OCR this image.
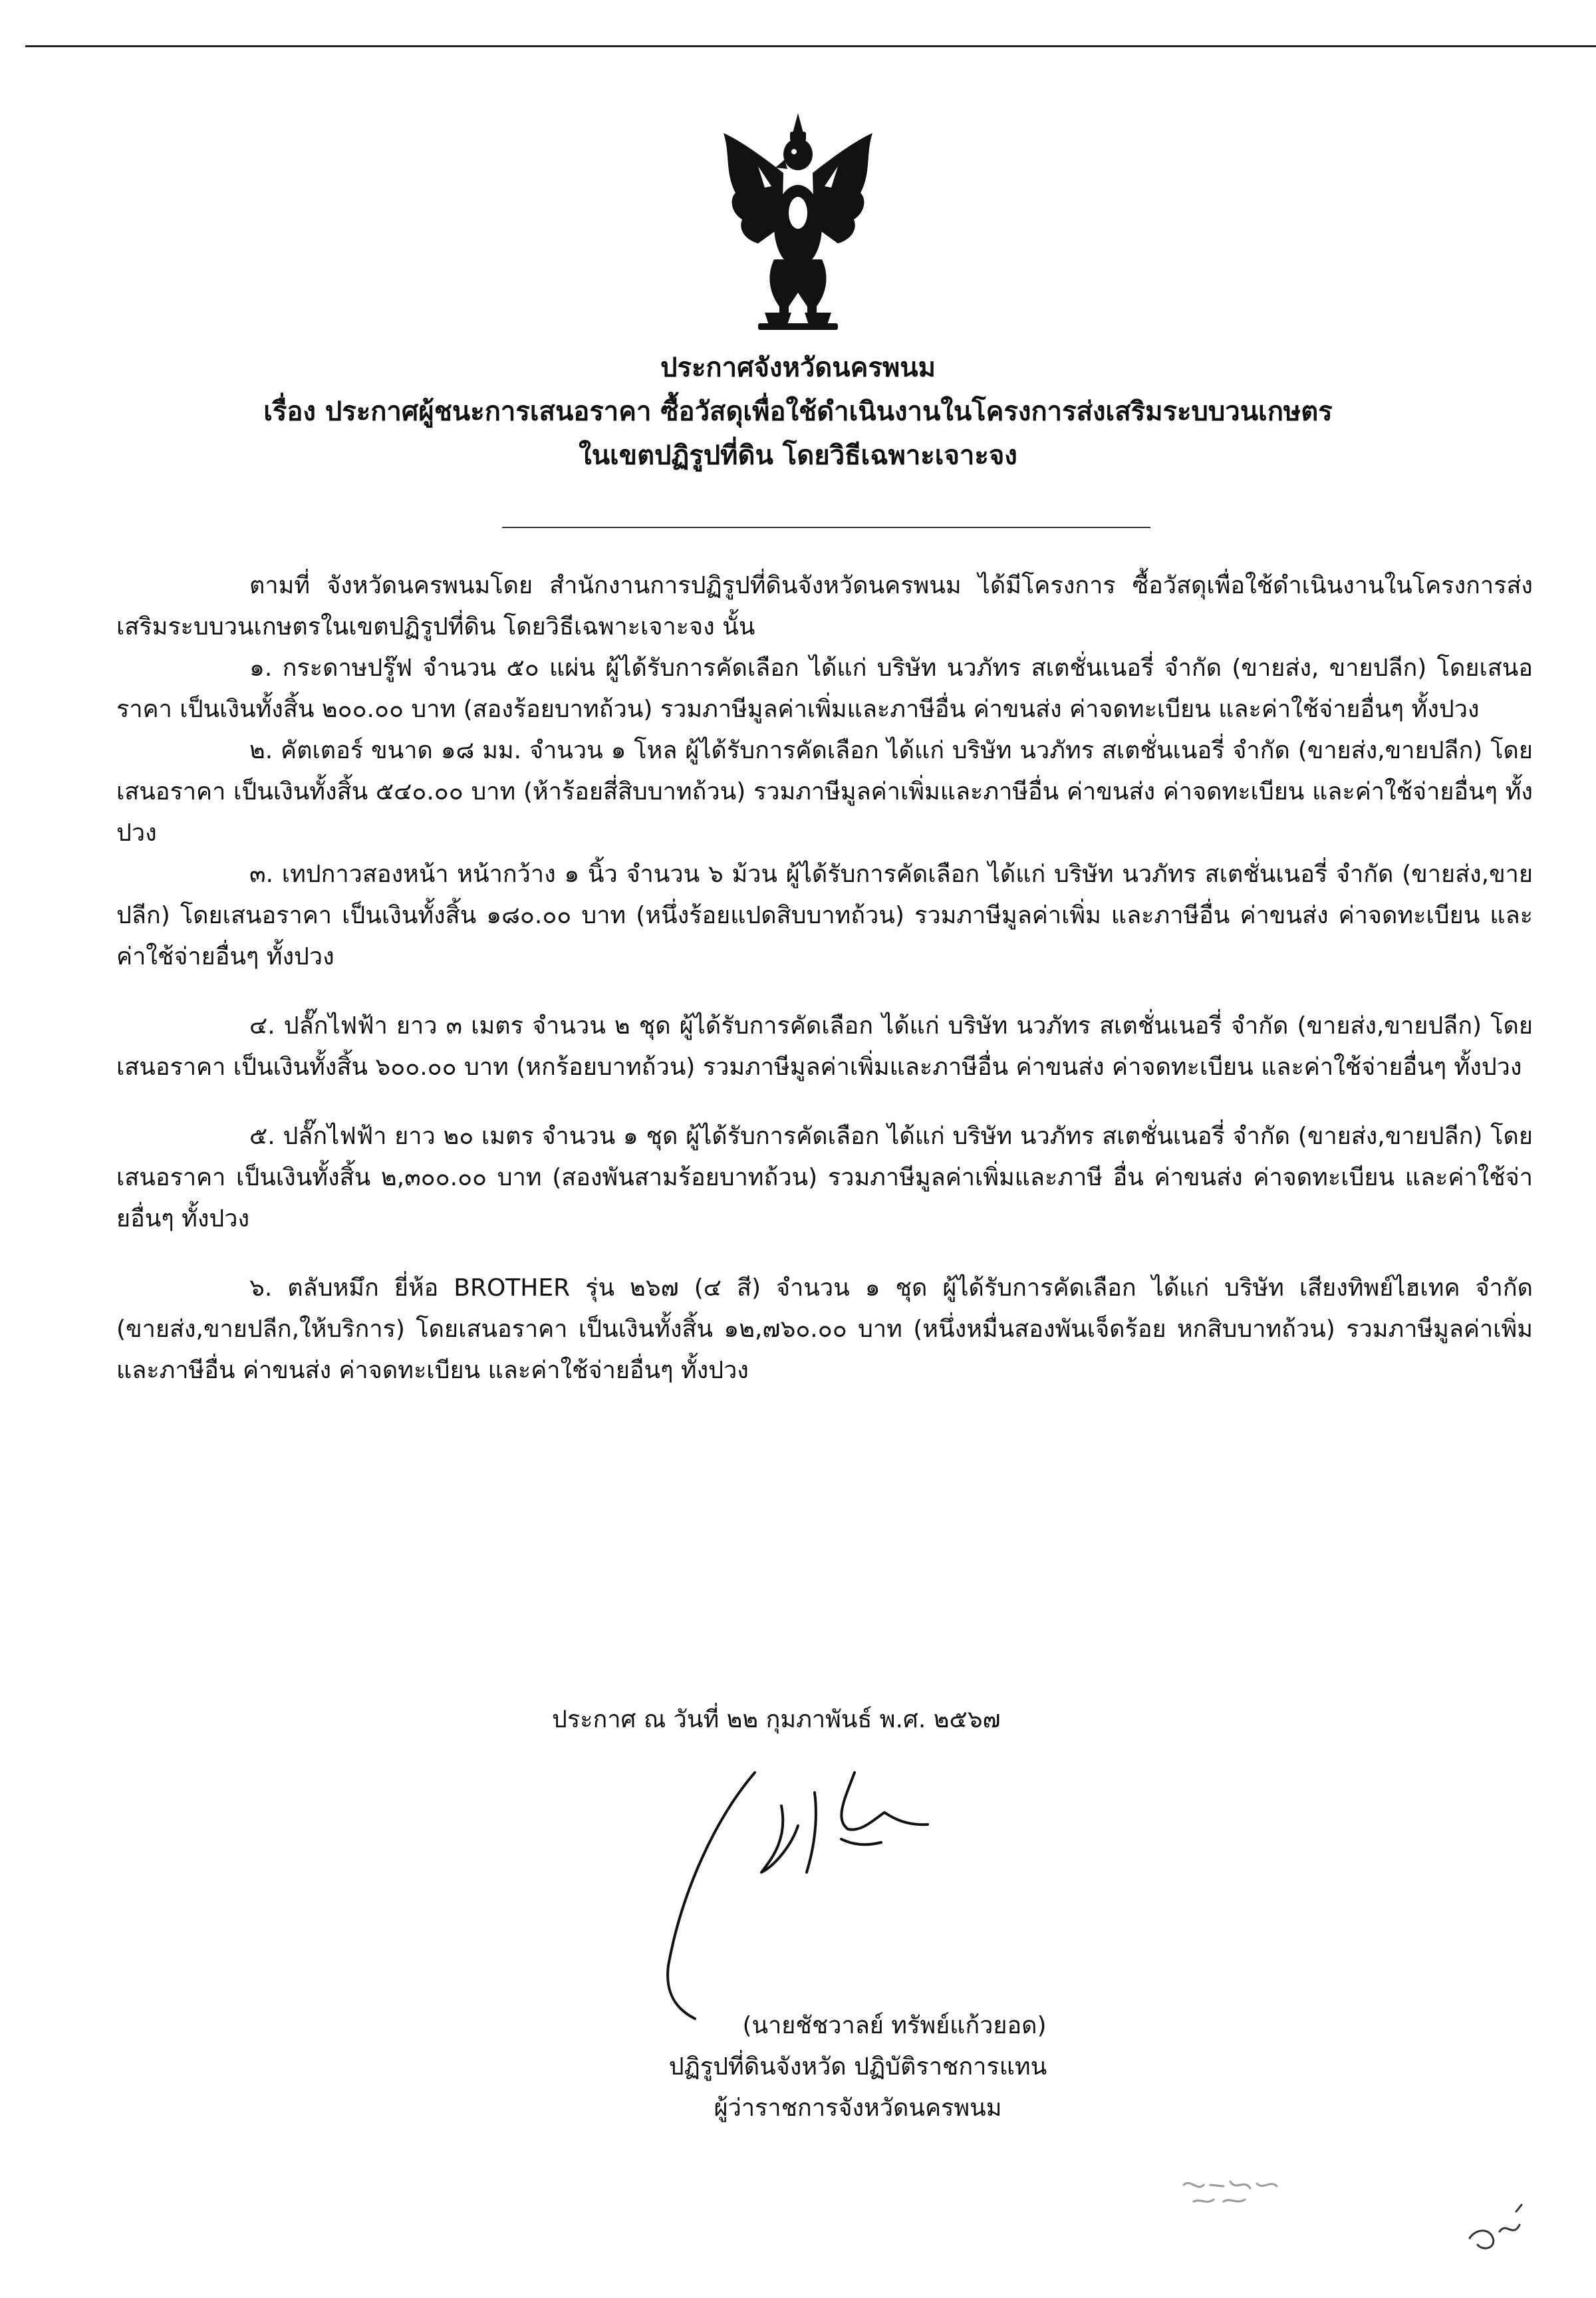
ประกาศจังหวัดนครพนม
เรื่อง ประกาศผู้ชนะการเสนอราคา ซื้อวัสดุเพื่อใช้ดำเนินงานในโครงการส่งเสริมระบบวนเกษตร
ในเขตปฏิรูปที่ดิน โดยวิธีเฉพาะเจาะจง

ตามที่ จังหวัดนครพนมโดย สำนักงานการปฏิรูปที่ดินจังหวัดนครพนม ได้มีโครงการ ซื้อวัสดุเพื่อใช้ดำเนินงานในโครงการส่งเสริมระบบวนเกษตรในเขตปฏิรูปที่ดิน โดยวิธีเฉพาะเจาะจง นั้น

๑. กระดาษปรู๊ฟ จำนวน ๕๐ แผ่น ผู้ได้รับการคัดเลือก ได้แก่ บริษัท นวภัทร สเตชั่นเนอรี่ จำกัด (ขายส่ง, ขายปลีก) โดยเสนอราคา เป็นเงินทั้งสิ้น ๒๐๐.๐๐ บาท (สองร้อยบาทถ้วน) รวมภาษีมูลค่าเพิ่มและภาษีอื่น ค่าขนส่ง ค่าจดทะเบียน และค่าใช้จ่ายอื่นๆ ทั้งปวง

๒. คัตเตอร์ ขนาด ๑๘ มม. จำนวน ๑ โหล ผู้ได้รับการคัดเลือก ได้แก่ บริษัท นวภัทร สเตชั่นเนอรี่ จำกัด (ขายส่ง,ขายปลีก) โดยเสนอราคา เป็นเงินทั้งสิ้น ๕๔๐.๐๐ บาท (ห้าร้อยสี่สิบบาทถ้วน) รวมภาษีมูลค่าเพิ่มและภาษีอื่น ค่าขนส่ง ค่าจดทะเบียน และค่าใช้จ่ายอื่นๆ ทั้งปวง

๓. เทปกาวสองหน้า หน้ากว้าง ๑ นิ้ว จำนวน ๖ ม้วน ผู้ได้รับการคัดเลือก ได้แก่ บริษัท นวภัทร สเตชั่นเนอรี่ จำกัด (ขายส่ง,ขายปลีก) โดยเสนอราคา เป็นเงินทั้งสิ้น ๑๘๐.๐๐ บาท (หนึ่งร้อยแปดสิบบาทถ้วน) รวมภาษีมูลค่าเพิ่ม และภาษีอื่น ค่าขนส่ง ค่าจดทะเบียน และค่าใช้จ่ายอื่นๆ ทั้งปวง

๔. ปลั๊กไฟฟ้า ยาว ๓ เมตร จำนวน ๒ ชุด ผู้ได้รับการคัดเลือก ได้แก่ บริษัท นวภัทร สเตชั่นเนอรี่ จำกัด (ขายส่ง,ขายปลีก) โดยเสนอราคา เป็นเงินทั้งสิ้น ๖๐๐.๐๐ บาท (หกร้อยบาทถ้วน) รวมภาษีมูลค่าเพิ่มและภาษีอื่น ค่าขนส่ง ค่าจดทะเบียน และค่าใช้จ่ายอื่นๆ ทั้งปวง

๕. ปลั๊กไฟฟ้า ยาว ๒๐ เมตร จำนวน ๑ ชุด ผู้ได้รับการคัดเลือก ได้แก่ บริษัท นวภัทร สเตชั่นเนอรี่ จำกัด (ขายส่ง,ขายปลีก) โดยเสนอราคา เป็นเงินทั้งสิ้น ๒,๓๐๐.๐๐ บาท (สองพันสามร้อยบาทถ้วน) รวมภาษีมูลค่าเพิ่มและภาษี อื่น ค่าขนส่ง ค่าจดทะเบียน และค่าใช้จ่ายอื่นๆ ทั้งปวง

๖. ตลับหมึก ยี่ห้อ BROTHER รุ่น ๒๖๗ (๔ สี) จำนวน ๑ ชุด ผู้ได้รับการคัดเลือก ได้แก่ บริษัท เสียงทิพย์ไฮเทค จำกัด (ขายส่ง,ขายปลีก,ให้บริการ) โดยเสนอราคา เป็นเงินทั้งสิ้น ๑๒,๗๖๐.๐๐ บาท (หนึ่งหมื่นสองพันเจ็ดร้อย หกสิบบาทถ้วน) รวมภาษีมูลค่าเพิ่มและภาษีอื่น ค่าขนส่ง ค่าจดทะเบียน และค่าใช้จ่ายอื่นๆ ทั้งปวง

ประกาศ ณ วันที่ ๒๒ กุมภาพันธ์ พ.ศ. ๒๕๖๗
(นายชัชวาลย์ ทรัพย์แก้วยอด)
ปฏิรูปที่ดินจังหวัด ปฏิบัติราชการแทน
ผู้ว่าราชการจังหวัดนครพนม
